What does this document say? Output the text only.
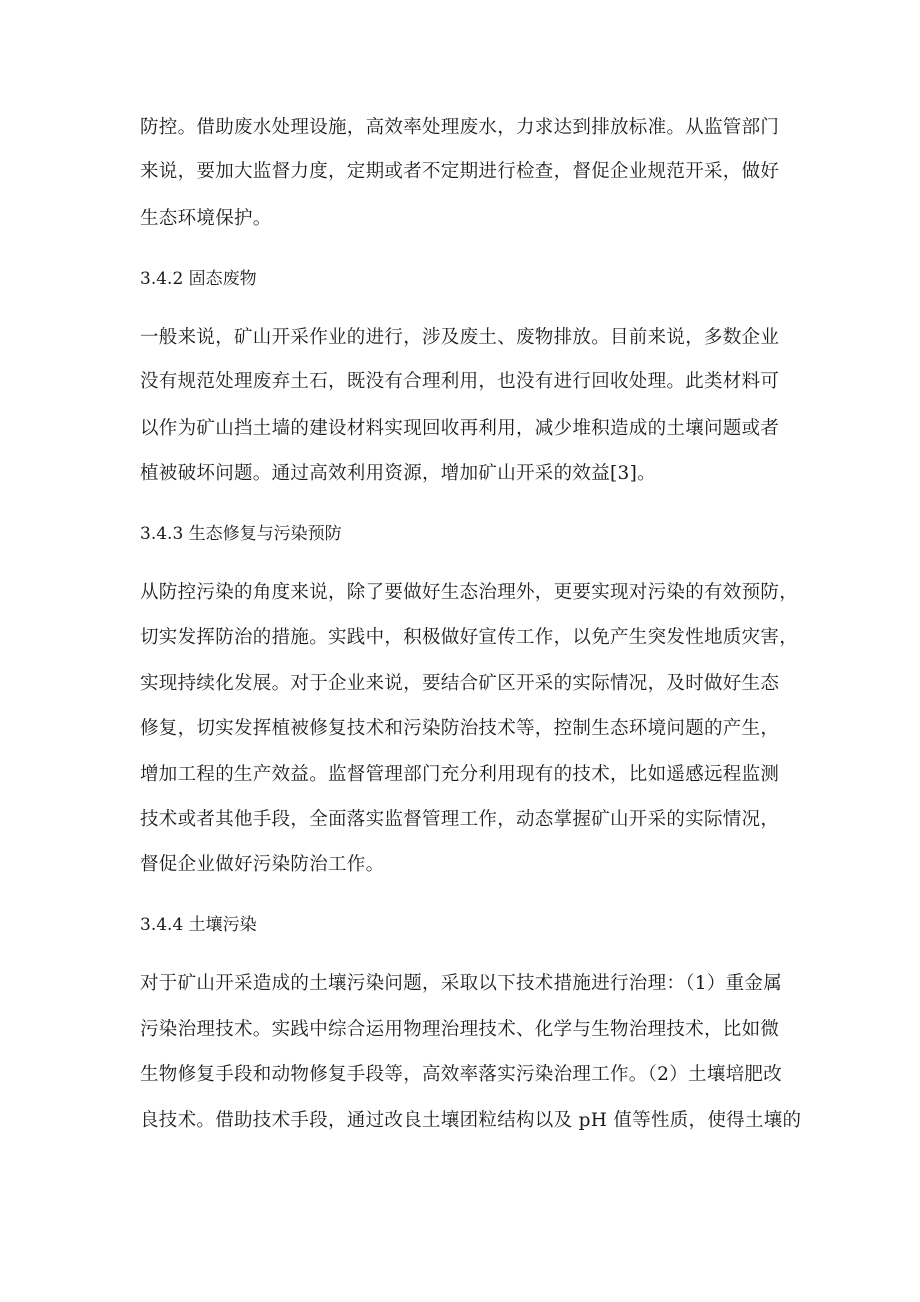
防控。借助废水处理设施，高效率处理废水，力求达到排放标准。从监管部门
来说，要加大监督力度，定期或者不定期进行检查，督促企业规范开采，做好
生态环境保护。
3.4.2 固态废物
一般来说，矿山开采作业的进行，涉及废土、废物排放。目前来说，多数企业
没有规范处理废弃土石，既没有合理利用，也没有进行回收处理。此类材料可
以作为矿山挡土墙的建设材料实现回收再利用，减少堆积造成的土壤问题或者
植被破坏问题。通过高效利用资源，增加矿山开采的效益[3]。
3.4.3 生态修复与污染预防
从防控污染的角度来说，除了要做好生态治理外，更要实现对污染的有效预防，
切实发挥防治的措施。实践中，积极做好宣传工作，以免产生突发性地质灾害，
实现持续化发展。对于企业来说，要结合矿区开采的实际情况，及时做好生态
修复，切实发挥植被修复技术和污染防治技术等，控制生态环境问题的产生，
增加工程的生产效益。监督管理部门充分利用现有的技术，比如遥感远程监测
技术或者其他手段，全面落实监督管理工作，动态掌握矿山开采的实际情况，
督促企业做好污染防治工作。
3.4.4 土壤污染
对于矿山开采造成的土壤污染问题，采取以下技术措施进行治理：（1）重金属
污染治理技术。实践中综合运用物理治理技术、化学与生物治理技术，比如微
生物修复手段和动物修复手段等，高效率落实污染治理工作。（2）土壤培肥改
良技术。借助技术手段，通过改良土壤团粒结构以及 pH 值等性质，使得土壤的
